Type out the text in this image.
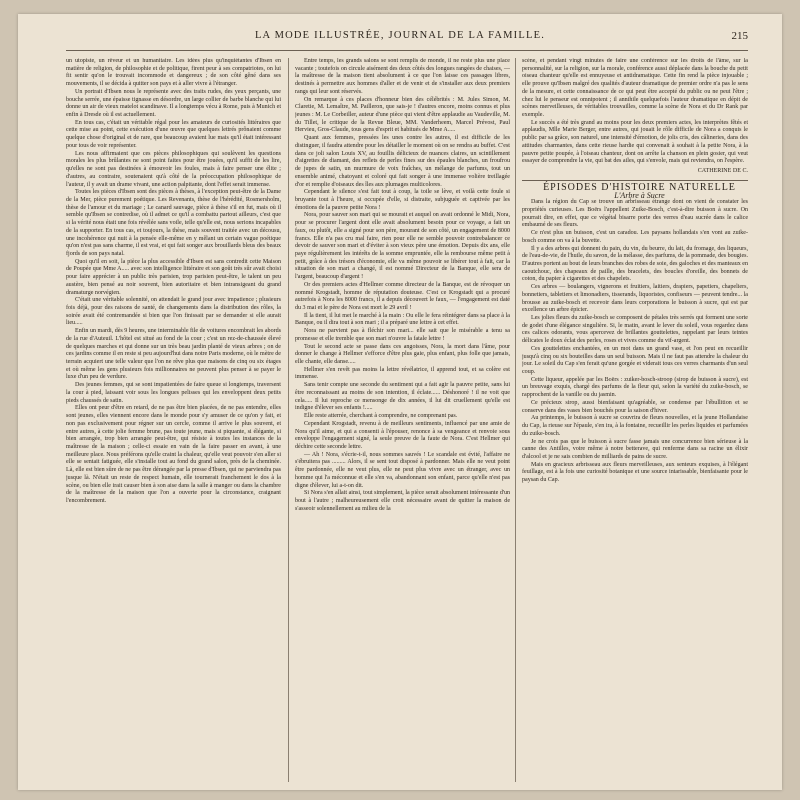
LA MODE ILLUSTRÉE, JOURNAL DE LA FAMILLE.	215

un utopiste, un rêveur et un humanitaire. Les idées plus qu'inquiétantes d'Ibsen en matière de religion, de philosophie et de politique, firent peur à ses compatriotes, on lui fit sentir qu'on le trouvait incommode et dangereux ; de son côté gêné dans ses mouvements, il se décida à quitter son pays et à aller vivre à l'étranger.

Un portrait d'Ibsen nous le représente avec des traits rudes, des yeux perçants, une bouche serrée, une épaisse tignasse en désordre, un large collier de barbe blanche qui lui donne un air de vieux matelot scandinave. Il a longtemps vécu à Rome, puis à Munich et enfin à Dresde où il est actuellement.

En tous cas, c'était un véritable régal pour les amateurs de curiosités littéraires que cette mise au point, cette exécution d'une œuvre que quelques lettrés prônaient comme quelque chose d'original et de rare, que beaucoup avaient lue mais qu'il était intéressant pour tous de voir représenter.

Les nous affirmaient que ces pièces philosophiques qui soulèvent les questions morales les plus brûlantes ne sont point faites pour être jouées, qu'il suffit de les lire, qu'elles ne sont pas destinées à émouvoir les foules, mais à faire penser une élite ; d'autres, au contraire, soutenaient qu'à côté de la préoccupation philosophique de l'auteur, il y avait un drame vivant, une action palpitante, dont l'effet serait immense.

Toutes les pièces d'Ibsen sont des pièces à thèses, à l'exception peut-être de la Dame de la Mer, pièce purement poétique. Les Revenants, thèse de l'hérédité, Rosmersholm, thèse de l'amour et du mariage ; Le canard sauvage, pièce à thèse s'il en fut, mais où il semble qu'Ibsen se contredise, où il admet ce qu'il a combattu partout ailleurs, c'est que si la vérité nous était une fois révélée sans voile, telle qu'elle est, nous serions incapables de la supporter. En tous cas, et toujours, la thèse, mais souvent traitée avec un décousu, une incohérence qui nuit à la pensée elle-même en y mêlant un certain vague poétique qu'on n'est pas sans charme, il est vrai, et qui fait songer aux brouillards bleus des beaux fjords de son pays natal.

Quoi qu'il en soit, la pièce la plus accessible d'Ibsen est sans contredit cette Maison de Poupée que Mme A..... avec son intelligence littéraire et son goût très sûr avait choisi pour faire apprécier à un public très parisien, trop parisien peut-être, le talent un peu austère, bien pensé au noir souvent, bien autoritaire et bien intransigeant du grand dramaturge norvégien.

C'était une véritable solennité, on attendait le grand jour avec impatience ; plusieurs fois déjà, pour des raisons de santé, de changements dans la distribution des rôles, la soirée avait été contremandée si bien que l'on finissait par se demander si elle aurait lieu.....

Enfin un mardi, dès 9 heures, une interminable file de voitures encombrait les abords de la rue d'Auteuil. L'hôtel est situé au fond de la cour ; c'est un rez-de-chaussée élevé de quelques marches et qui donne sur un très beau jardin planté de vieux arbres ; on de ces jardins comme il en reste si peu aujourd'hui dans notre Paris moderne, où le mètre de terrain acquiert une telle valeur que l'on ne rêve plus que maisons de cinq ou six étages et où même les gens plusieurs fois millionnaires ne peuvent plus penser à se payer le luxe d'un peu de verdure.

Des jeunes femmes, qui se sont impatientées de faire queue si longtemps, traversent la cour à pied, laissant voir sous les longues pelisses qui les enveloppent deux petits pieds chaussés de satin.

Elles ont peur d'être en retard, de ne pas être bien placées, de ne pas entendre, elles sont jeunes, elles viennent encore dans le monde pour s'y amuser de ce qu'on y fait, et non pas exclusivement pour régner sur un cercle, comme il arrive le plus souvent, et entre autres, à cette jolie femme brune, pas toute jeune, mais si piquante, si élégante, si bien arrangée, trop bien arrangée peut-être, qui résiste à toutes les instances de la maîtresse de la maison ; celle-ci essaie en vain de la faire passer en avant, à une meilleure place. Nous préférons qu'elle craint la chaleur, qu'elle veut pouvoir s'en aller si elle se sentait fatiguée, elle s'installe tout au fond du grand salon, près de la cheminée. Là, elle est bien sûre de ne pas être dérangée par la presse d'Ibsen, qui ne parviendra pas jusque là. N'était un reste de respect humain, elle tournerait franchement le dos à la scène, ou bien elle irait causer bien à son aise dans la salle à manger ou dans la chambre de la maîtresse de la maison que l'on a ouverte pour la circonstance, craignant l'encombrement.

Entre temps, les grands salons se sont remplis de monde, il ne reste plus une place vacante ; toutefois on circule aisément des deux côtés des longues rangées de chaises, — la maîtresse de la maison tient absolument à ce que l'on laisse ces passages libres, destinés à permettre aux hommes d'aller et de venir et de s'installer aux deux premiers rangs qui leur sont réservés.

On remarque à ces places d'honneur bien des célébrités : M. Jules Simon, M. Claretie, M. Lemaître, M. Pailleron, que sais-je ! d'autres encore, moins connus et plus jeunes : M. Le Corbeiller, auteur d'une pièce qui vient d'être applaudie au Vaudeville, M. du Tillet, le critique de la Revue Bleue, MM. Vanderheem, Marcel Prévost, Paul Hervieu, Gros-Claude, tous gens d'esprit et habitués de Mme A.....

Quant aux femmes, pressées les unes contre les autres, il est difficile de les distinguer, il faudra attendre pour les détailler le moment où on se rendra au buffet. C'est dans ce joli salon Louis XV, au fouillis délicieux de nuances claires, un scintillement d'aigrettes de diamant, des reflets de perles fines sur des épaules blanches, un froufrou de jupes de satin, un murmure de voix fraîches, un mélange de parfums, tout un ensemble animé, chatoyant et coloré qui fait songer à une immense volière treillagée d'or et remplie d'oiseaux des îles aux plumages multicolores.

Cependant le silence s'est fait tout à coup, la toile se lève, et voilà cette foule si bruyante tout à l'heure, si occupée d'elle, si distraite, subjuguée et captivée par les émotions de la pauvre petite Nora !

Nora, pour sauver son mari qui se mourait et auquel on avait ordonné le Midi, Nora, pour se procurer l'argent dont elle avait absolument besoin pour ce voyage, a fait un faux, ou plutôt, elle a signé pour son père, mourant de son côté, un engagement de 8000 francs. Elle n'a pas cru mal faire, rien pour elle ne semble pouvoir contrebalancer ce devoir de sauver son mari et d'éviter à son vieux père une émotion. Depuis dix ans, elle paye régulièrement les intérêts de la somme empruntée, elle la rembourse même petit à petit, grâce à des trésors d'économie, elle va même pouvoir se libérer tout à fait, car la situation de son mari a changé, il est nommé Directeur de la Banque, elle sera de l'argent, beaucoup d'argent !

Or des premiers actes d'Hellmer comme directeur de la Banque, est de révoquer un nommé Krogstadt, homme de réputation douteuse. C'est ce Krogstadt qui a procuré autrefois à Nora les 8000 francs, il a depuis découvert le faux, — l'engagement est daté du 3 mai et le père de Nora est mort le 29 avril !

Il la tient, il lui met le marché à la main : Ou elle le fera réintégrer dans sa place à la Banque, ou il dira tout à son mari ; il a préparé une lettre à cet effet.

Nora ne parvient pas à fléchir son mari... elle sait que le misérable a tenu sa promesse et elle tremble que son mari n'ouvre la fatale lettre !

Tout le second acte se passe dans ces angoisses, Nora, la mort dans l'âme, pour donner le change à Hellmer s'efforce d'être plus gaie, plus enfant, plus folle que jamais, elle chante, elle danse.....

Hellmer s'en revêt pas moins la lettre révélatrice, il apprend tout, et sa colère est immense.

Sans tenir compte une seconde du sentiment qui a fait agir la pauvre petite, sans lui être reconnaissant au moins de son intention, il éclate...... Déshonoré ! il ne voit que cela..... Il lui reproche ce mensonge de dix années, il lui dit cruellement qu'elle est indigne d'élever ses enfants !.....

Elle reste atterrée, cherchant à comprendre, ne comprenant pas.

Cependant Krogstadt, revenu à de meilleurs sentiments, influencé par une amie de Nora qu'il aime, et qui a consenti à l'épouser, renonce à sa vengeance et renvoie sous enveloppe l'engagement signé, la seule preuve de la faute de Nora. C'est Hellmer qui déchire cette seconde lettre.

— Ah ! Nora, s'écrie-t-il, nous sommes sauvés ! Le scandale est évité, l'affaire ne s'ébruitera pas ......... Alors, il se sent tout disposé à pardonner. Mais elle ne veut point être pardonnée, elle ne veut plus, elle ne peut plus vivre avec un étranger, avec un homme qui l'a méconnue et elle s'en va, abandonnant son enfant, parce qu'elle n'est pas digne d'élever, lui a-t-on dit.

Si Nora s'en allait ainsi, tout simplement, la pièce serait absolument intéressante d'un bout à l'autre ; malheureusement elle croit nécessaire avant de quitter la maison de s'asseoir solennellement au milieu de la

scène, et pendant vingt minutes de faire une conférence sur les droits de l'âme, sur la personnalité, sur la religion, sur la morale, conférence aussi déplacée dans la bouche du petit oiseau chanteur qu'elle est ennuyeuse et antidramatique. Cette fin rend la pièce injouable ; elle prouve qu'Ibsen malgré des qualités d'auteur dramatique de premier ordre n'a pas le sens de la mesure, et cette connaissance de ce qui peut être accepté du public ou ne peut l'être ; chez lui le penseur est omnipotent ; il annihile quelquefois l'auteur dramatique en dépit de scènes merveilleuses, de véritables trouvailles, comme la scène de Nora et du Dr Rank par exemple.

Le succès a été très grand au moins pour les deux premiers actes, les interprètes fêtés et applaudis, Mlle Marie Berger, entre autres, qui jouait le rôle difficile de Nora a conquis le public par sa grâce, son naturel, une intensité d'émotion, de jolis cris, des câlineries, dans des attitudes charmantes, dans cette rieuse hardie qui convenait à souhait à la petite Nora, à la pauvre petite poupée, à l'oiseau chanteur, dont on arrête la chanson en plein gosier, qui veut essayer de comprendre la vie, qui bat des ailes, qui s'envole, mais qui reviendra, on l'espère.

CATHERINE DE C.

ÉPISODES D'HISTOIRE NATURELLE

L'Arbre à Sucre

Dans la région du Cap se trouve un arbrisseau étrange dont on vient de constater les propriétés curieuses. Les Boërs l'appellent Zuike-Bosch, c'est-à-dire buisson à sucre. On pourrait dire, en effet, que ce végétal bisarre porte des verres d'eau sucrée dans le calice embaumé de ses fleurs.

Ce n'est plus un buisson, c'est un caradou. Les paysans hollandais s'en vont au zuike-bosch comme on va à la buvette.

Il y a des arbres qui donnent du pain, du vin, du beurre, du lait, du fromage, des liqueurs, de l'eau-de-vie, de l'huile, du savon, de la mélasse, des parfums, de la pommade, des bougies. D'autres portent au bout de leurs branches des robes de soie, des galoches et des manteaux en caoutchouc, des chapeaux de paille, des bracelets, des boucles d'oreille, des bonnets de coton, du papier à cigarettes et des chapelets.

Ces arbres — boulangers, vignerons et fruitiers, laitiers, drapiers, papetiers, chapeliers, bonnetiers, tabletiers et limonadiers, tisserands, liquoristes, confiseurs — peuvent tendre... la brousse au zuike-bosch et recevoir dans leurs corporations le buisson à sucre, qui est par excellence un arbre épicier.

Les jolies fleurs du zuike-bosch se composent de pétales très serrés qui forment une sorte de godet d'une élégance singulière. Si, le matin, avant le lever du soleil, vous regardez dans ces calices odorants, vous apercevez de brillantes gouttelettes, rappelant par leurs teintes délicates le doux éclat des perles, roses et vives comme du vif-argent.

Ces gouttelettes enchantées, en un mot dans un grand vase, et l'on peut en recueillir jusqu'à cinq ou six bouteilles dans un seul buisson. Mais il ne faut pas attendre la chaleur du jour. Le soleil du Cap s'en ferait qu'une gorgée et viderait tous ces verres charmants d'un seul coup.

Cette liqueur, appelée par les Boërs : zuiker-bosch-stroop (sirop de buisson à sucre), est un breuvage exquis, chargé des parfums de la fleur qui, selon la variété du zuike-bosch, se rapprochent de la vanille ou du jasmin.

Ce précieux sirop, aussi bienfaisant qu'agréable, se condense par l'ébullition et se conserve dans des vases bien bouchés pour la saison d'hiver.

Au printemps, le buisson à sucre se couvrira de fleurs nouvelles, et la jeune Hollandaise du Cap, la rieuse sur l'épaule, s'en ira, à la fontaine, recueillir les perles liquides et parfumées du zuike-bosch.

Je ne crois pas que le buisson à sucre fasse jamais une concurrence bien sérieuse à la canne des Antilles, voire même à notre betterave, qui renferme dans sa racine un élixir d'alcool et je ne sais combien de milliards de pains de sucre.

Mais en gracieux arbrisseau aux fleurs merveilleuses, aux senteurs exquises, à l'élégant feuillage, est à la fois une curiosité botanique et une source intarissable, bienfaisante pour le paysan du Cap.
